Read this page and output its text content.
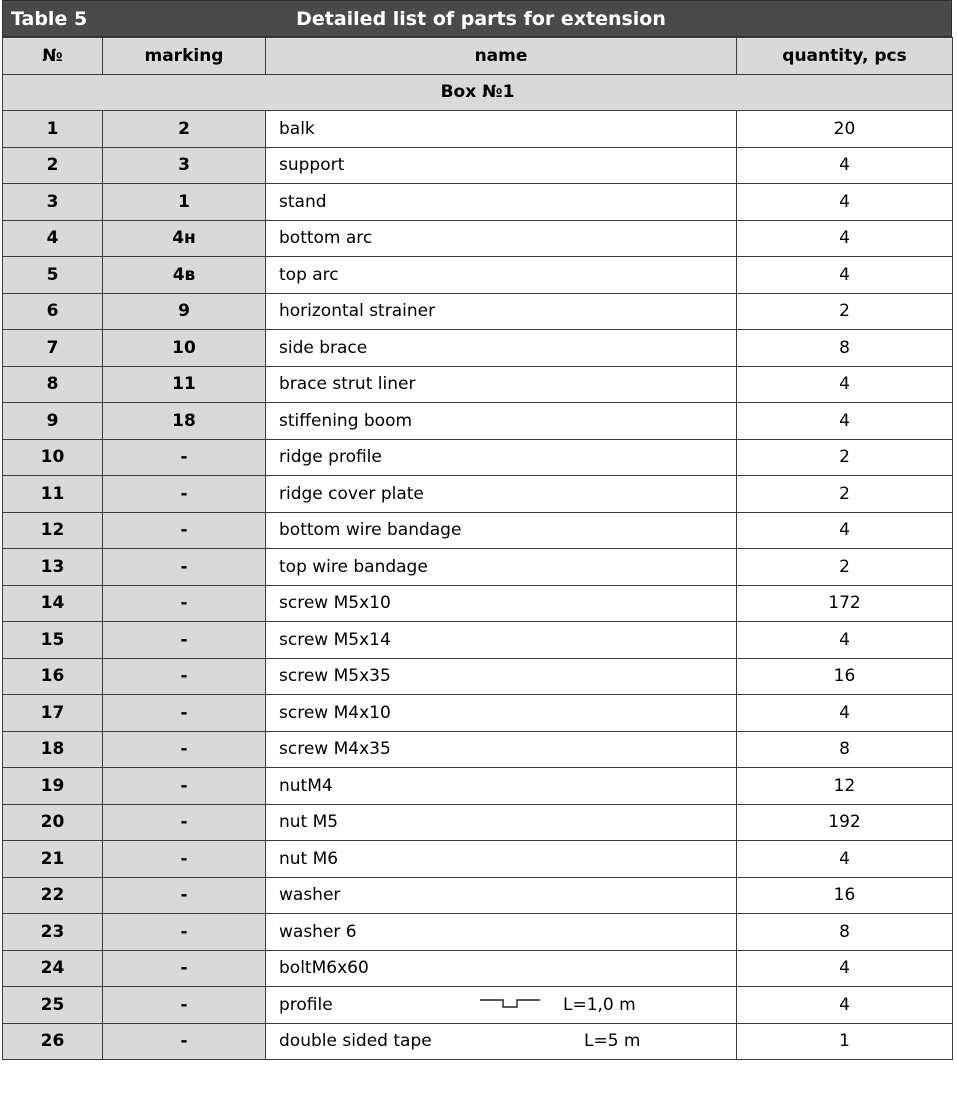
Table 5	Detailed list of parts for extension
№	marking	name	quantity, pcs
Box №1			
1	2	balk	20
2	3	support	4
3	1	stand	4
4	4н	bottom arc	4
5	4в	top arc	4
6	9	horizontal strainer	2
7	10	side brace	8
8	11	brace strut liner	4
9	18	stiffening boom	4
10	-	ridge profile	2
11	-	ridge cover plate	2
12	-	bottom wire bandage	4
13	-	top wire bandage	2
14	-	screw M5x10	172
15	-	screw M5x14	4
16	-	screw M5x35	16
17	-	screw M4x10	4
18	-	screw M4x35	8
19	-	nutM4	12
20	-	nut M5	192
21	-	nut M6	4
22	-	washer	16
23	-	washer 6	8
24	-	boltM6x60	4
25	-	profile L=1,0 m	4
26	-	double sided tape L=5 m	1
